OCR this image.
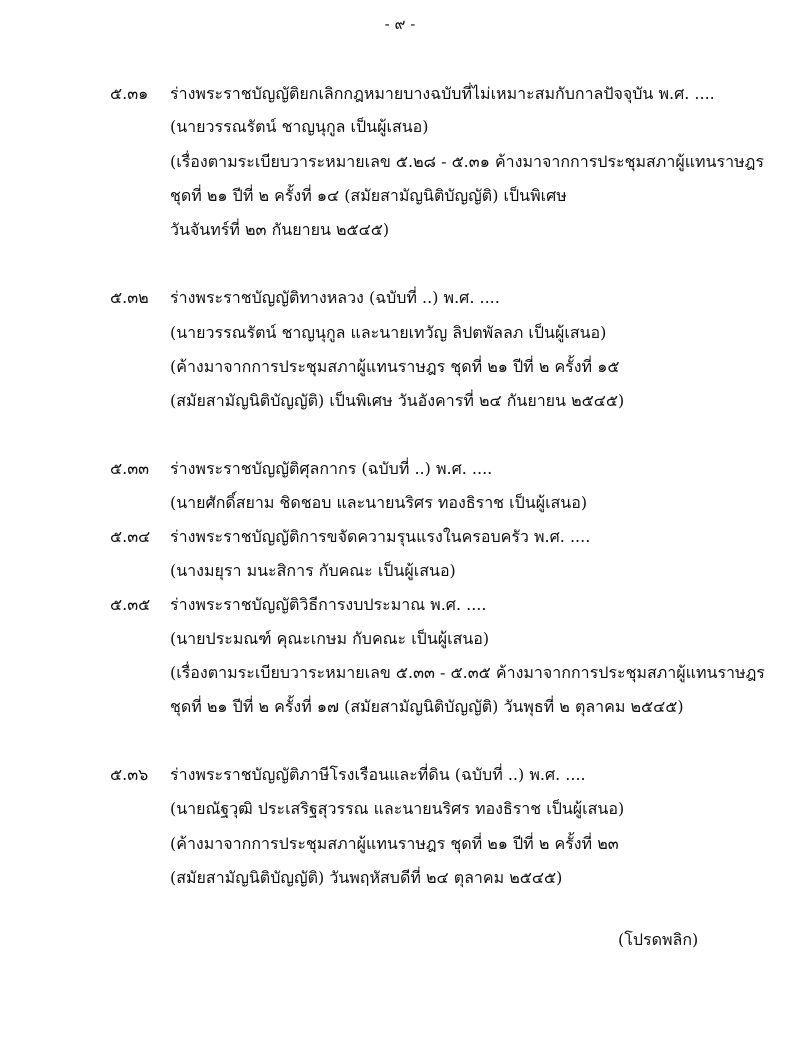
- ๙ -
๕.๓๑ ร่างพระราชบัญญัติยกเลิกกฎหมายบางฉบับที่ไม่เหมาะสมกับกาลปัจจุบัน พ.ศ. ....
(นายวรรณรัตน์ ชาญนุกูล เป็นผู้เสนอ)
(เรื่องตามระเบียบวาระหมายเลข ๕.๒๘ - ๕.๓๑ ค้างมาจากการประชุมสภาผู้แทนราษฎร
ชุดที่ ๒๑ ปีที่ ๒ ครั้งที่ ๑๔ (สมัยสามัญนิติบัญญัติ) เป็นพิเศษ
วันจันทร์ที่ ๒๓ กันยายน ๒๕๔๕)
๕.๓๒ ร่างพระราชบัญญัติทางหลวง (ฉบับที่ ..) พ.ศ. ....
(นายวรรณรัตน์ ชาญนุกูล และนายเทวัญ ลิปตพัลลภ เป็นผู้เสนอ)
(ค้างมาจากการประชุมสภาผู้แทนราษฎร ชุดที่ ๒๑ ปีที่ ๒ ครั้งที่ ๑๕
(สมัยสามัญนิติบัญญัติ) เป็นพิเศษ วันอังคารที่ ๒๔ กันยายน ๒๕๔๕)
๕.๓๓ ร่างพระราชบัญญัติศุลกากร (ฉบับที่ ..) พ.ศ. ....
(นายศักดิ์สยาม ชิดชอบ และนายนริศร ทองธิราช เป็นผู้เสนอ)
๕.๓๔ ร่างพระราชบัญญัติการขจัดความรุนแรงในครอบครัว พ.ศ. ....
(นางมยุรา มนะสิการ กับคณะ เป็นผู้เสนอ)
๕.๓๕ ร่างพระราชบัญญัติวิธีการงบประมาณ พ.ศ. ....
(นายประมณฑ์ คุณะเกษม กับคณะ เป็นผู้เสนอ)
(เรื่องตามระเบียบวาระหมายเลข ๕.๓๓ - ๕.๓๕ ค้างมาจากการประชุมสภาผู้แทนราษฎร
ชุดที่ ๒๑ ปีที่ ๒ ครั้งที่ ๑๗ (สมัยสามัญนิติบัญญัติ) วันพุธที่ ๒ ตุลาคม ๒๕๔๕)
๕.๓๖ ร่างพระราชบัญญัติภาษีโรงเรือนและที่ดิน (ฉบับที่ ..) พ.ศ. ....
(นายณัฐวุฒิ ประเสริฐสุวรรณ และนายนริศร ทองธิราช เป็นผู้เสนอ)
(ค้างมาจากการประชุมสภาผู้แทนราษฎร ชุดที่ ๒๑ ปีที่ ๒ ครั้งที่ ๒๓
(สมัยสามัญนิติบัญญัติ) วันพฤหัสบดีที่ ๒๔ ตุลาคม ๒๕๔๕)
(โปรดพลิก)
